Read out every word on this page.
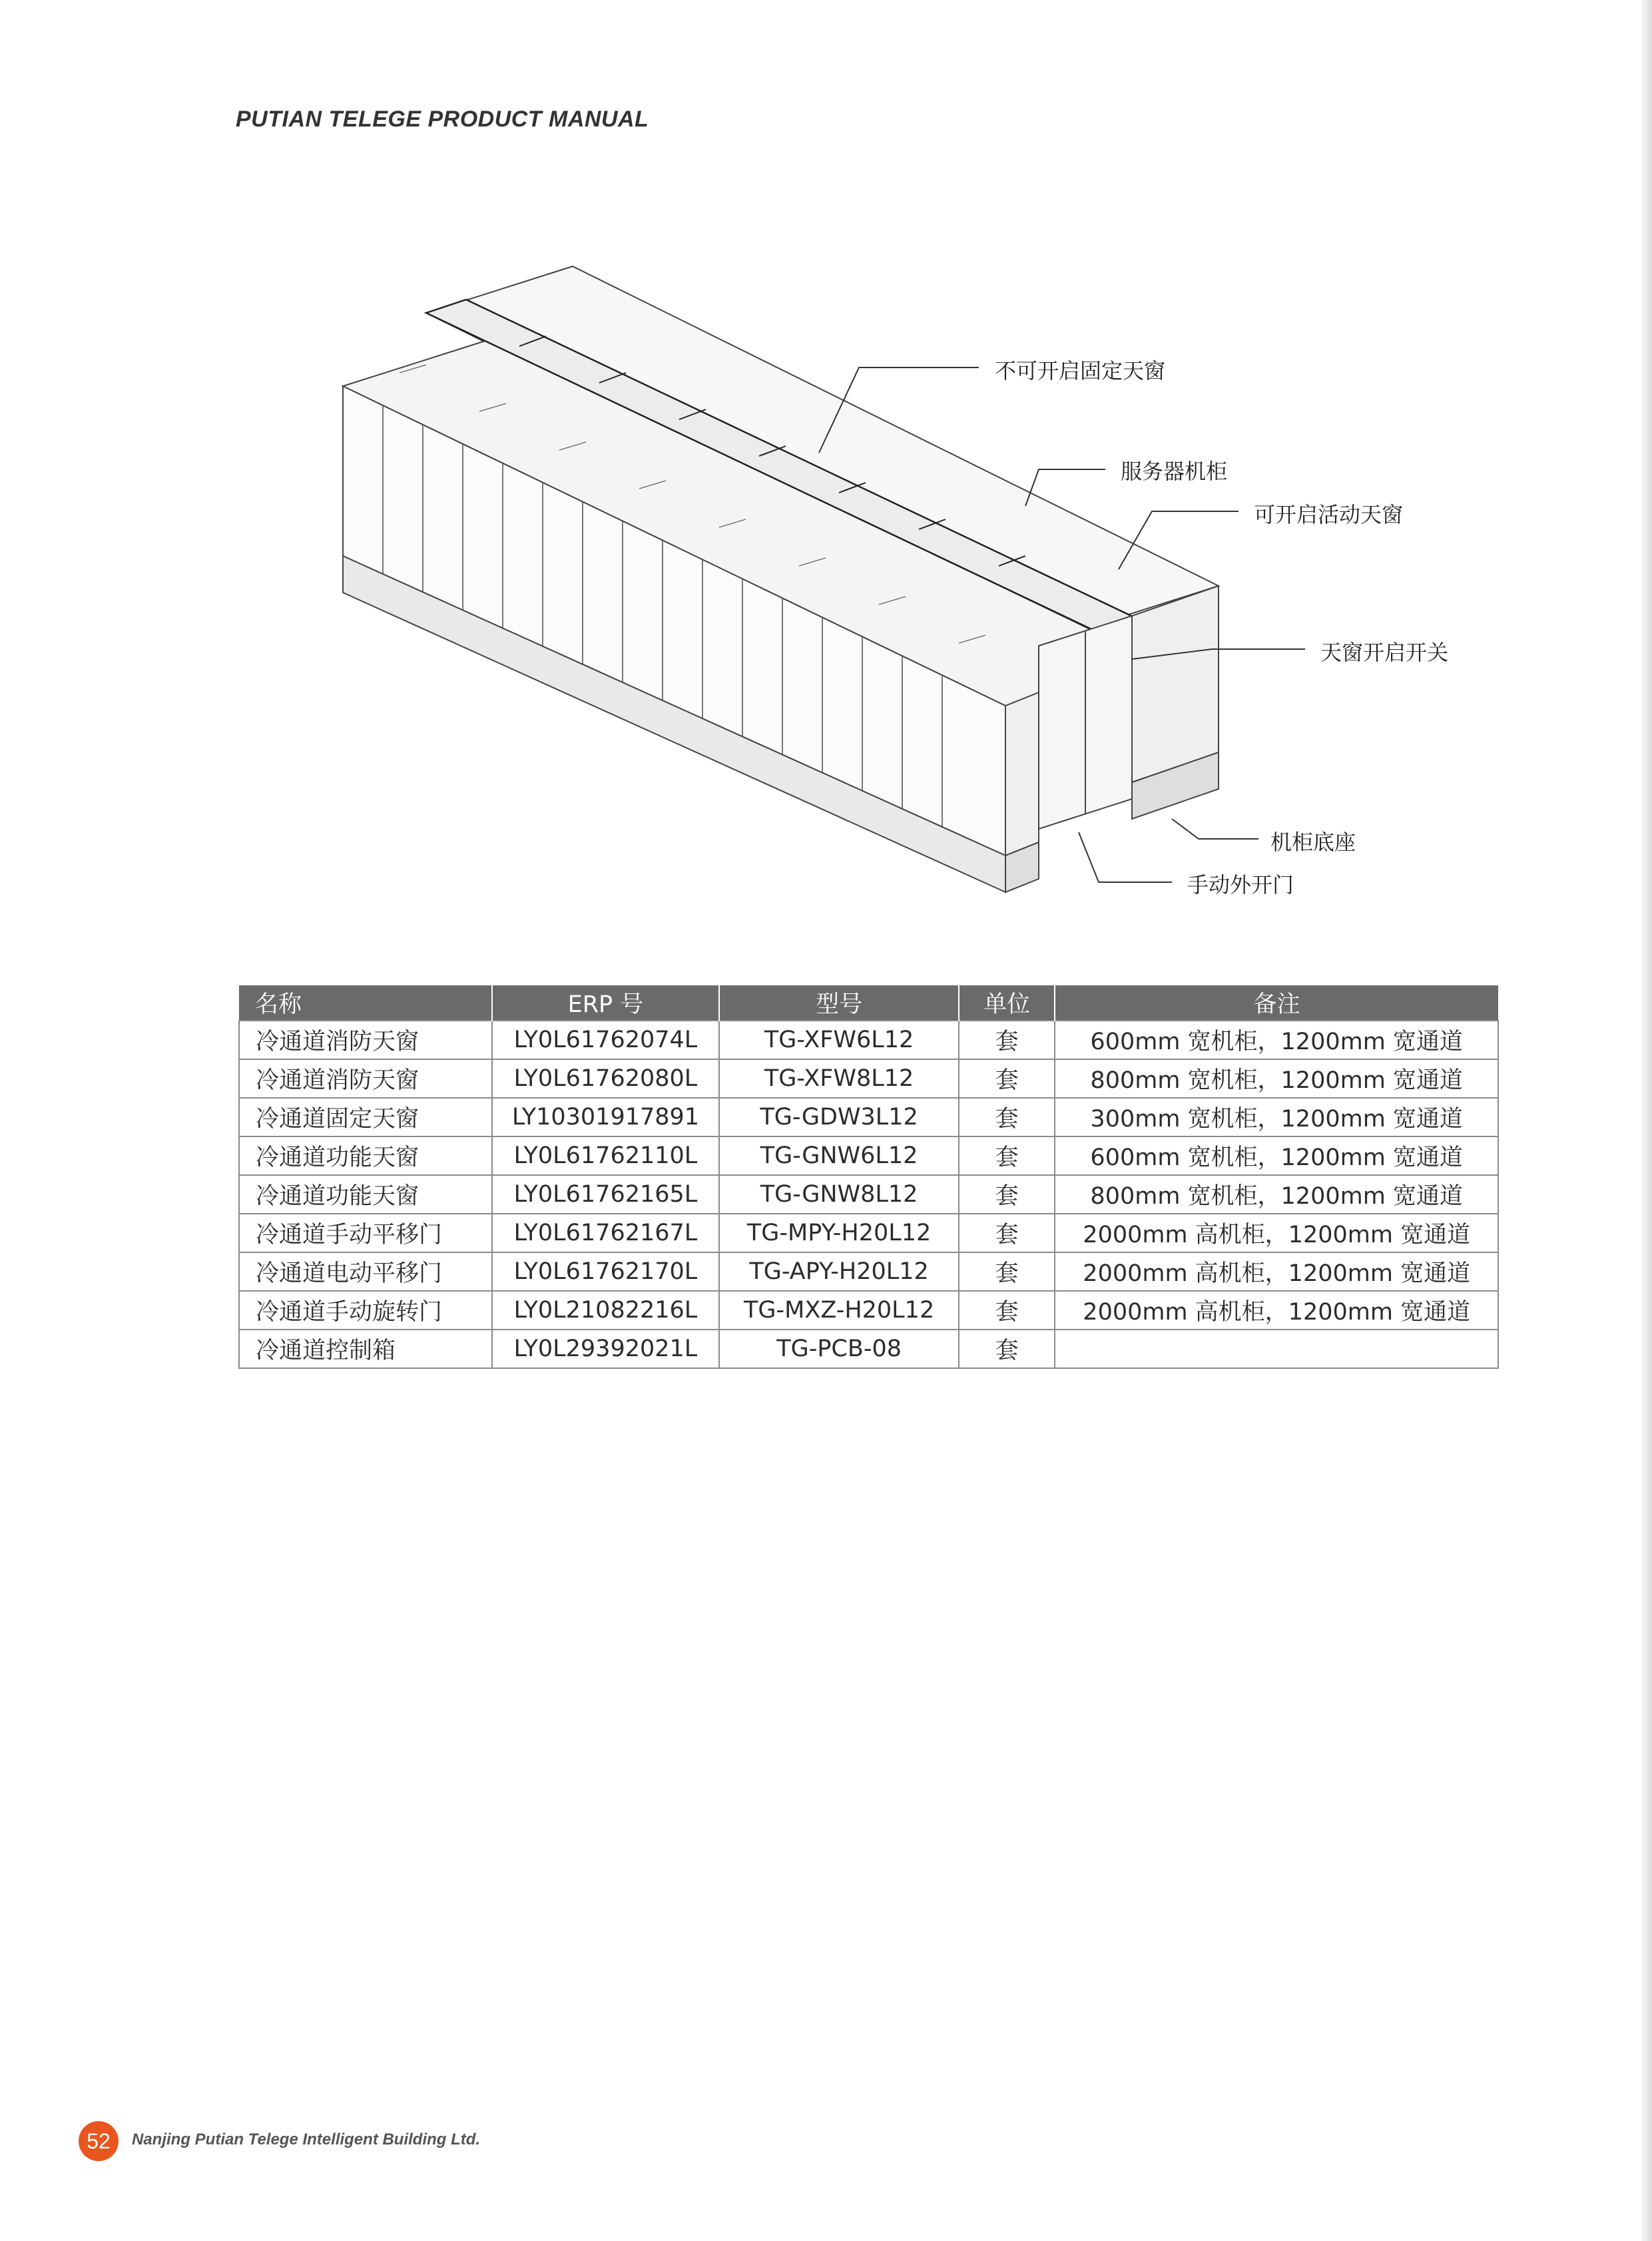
PUTIAN TELEGE PRODUCT MANUAL
不可开启固定天窗
服务器机柜
可开启活动天窗
天窗开启开关
机柜底座
手动外开门
名称	ERP 号	型号	单位	备注
冷通道消防天窗	LY0L61762074L	TG-XFW6L12	套	600mm 宽机柜，1200mm 宽通道
冷通道消防天窗	LY0L61762080L	TG-XFW8L12	套	800mm 宽机柜，1200mm 宽通道
冷通道固定天窗	LY10301917891	TG-GDW3L12	套	300mm 宽机柜，1200mm 宽通道
冷通道功能天窗	LY0L61762110L	TG-GNW6L12	套	600mm 宽机柜，1200mm 宽通道
冷通道功能天窗	LY0L61762165L	TG-GNW8L12	套	800mm 宽机柜，1200mm 宽通道
冷通道手动平移门	LY0L61762167L	TG-MPY-H20L12	套	2000mm 高机柜，1200mm 宽通道
冷通道电动平移门	LY0L61762170L	TG-APY-H20L12	套	2000mm 高机柜，1200mm 宽通道
冷通道手动旋转门	LY0L21082216L	TG-MXZ-H20L12	套	2000mm 高机柜，1200mm 宽通道
冷通道控制箱	LY0L29392021L	TG-PCB-08	套	
52	Nanjing Putian Telege Intelligent Building Ltd.
